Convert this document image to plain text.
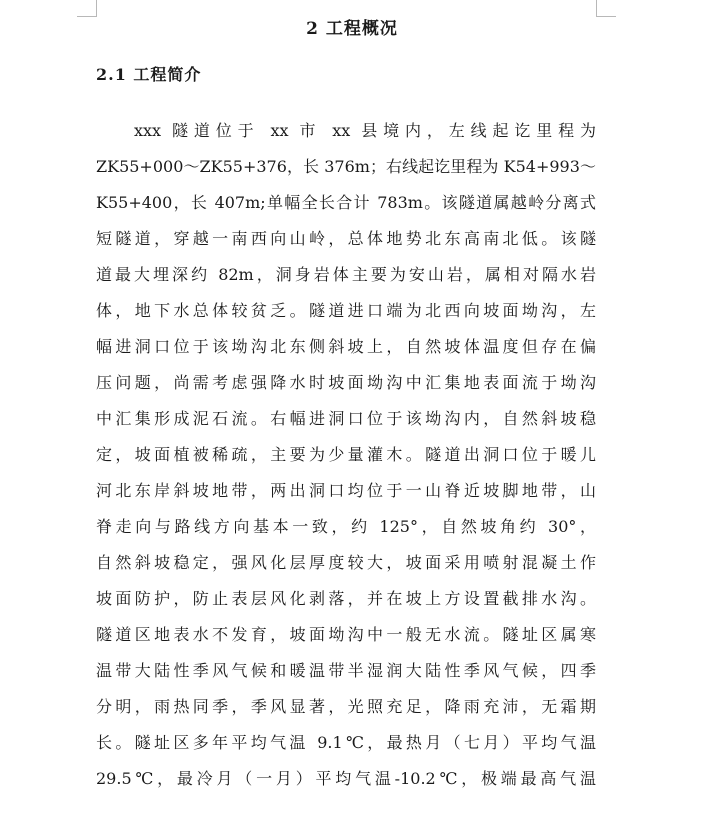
2 工程概况
2.1 工程简介
xxx 隧道位于 xx 市 xx 县境内，左线起讫里程为
ZK55+000～ZK55+376，长 376m；右线起讫里程为 K54+993～
K55+400，长 407m;单幅全长合计 783m。该隧道属越岭分离式
短隧道，穿越一南西向山岭，总体地势北东高南北低。该隧
道最大埋深约 82m，洞身岩体主要为安山岩，属相对隔水岩
体，地下水总体较贫乏。隧道进口端为北西向坡面坳沟，左
幅进洞口位于该坳沟北东侧斜坡上，自然坡体温度但存在偏
压问题，尚需考虑强降水时坡面坳沟中汇集地表面流于坳沟
中汇集形成泥石流。右幅进洞口位于该坳沟内，自然斜坡稳
定，坡面植被稀疏，主要为少量灌木。隧道出洞口位于暖儿
河北东岸斜坡地带，两出洞口均位于一山脊近坡脚地带，山
脊走向与路线方向基本一致，约 125°，自然坡角约 30°，
自然斜坡稳定，强风化层厚度较大，坡面采用喷射混凝土作
坡面防护，防止表层风化剥落，并在坡上方设置截排水沟。
隧道区地表水不发育，坡面坳沟中一般无水流。隧址区属寒
温带大陆性季风气候和暖温带半湿润大陆性季风气候，四季
分明，雨热同季，季风显著，光照充足，降雨充沛，无霜期
长。隧址区多年平均气温 9.1℃，最热月（七月）平均气温
29.5℃，最冷月（一月）平均气温-10.2℃，极端最高气温
